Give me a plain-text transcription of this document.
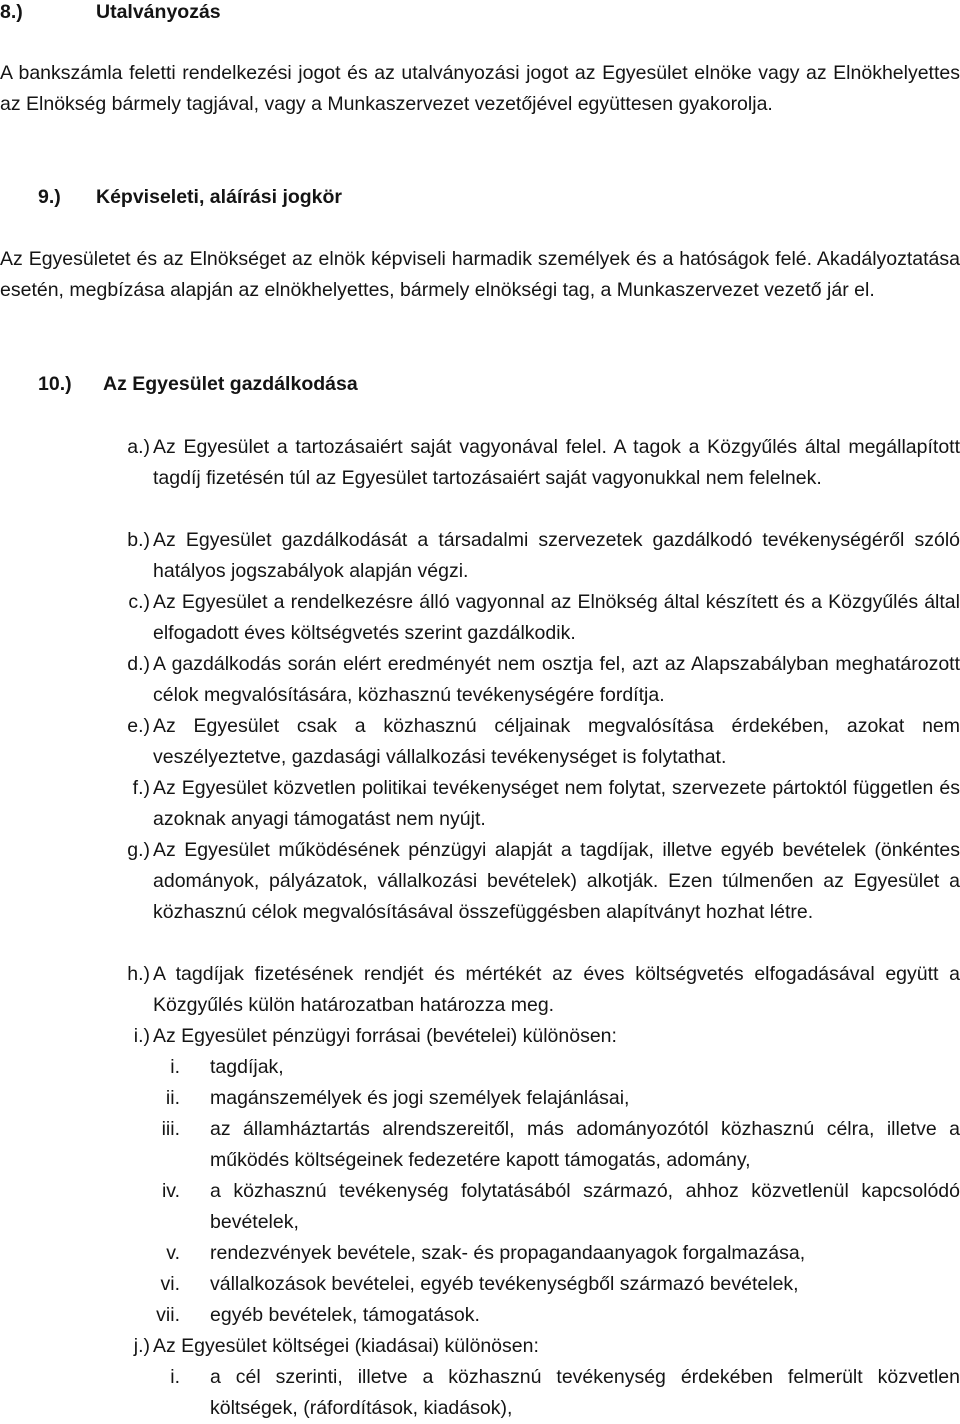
8.)	Utalványozás
A bankszámla feletti rendelkezési jogot és az utalványozási jogot az Egyesület elnöke vagy az Elnökhelyettes az Elnökség bármely tagjával, vagy a Munkaszervezet vezetőjével együttesen gyakorolja.
9.) Képviseleti, aláírási jogkör
Az Egyesületet és az Elnökséget az elnök képviseli harmadik személyek és a hatóságok felé. Akadályoztatása esetén, megbízása alapján az elnökhelyettes, bármely elnökségi tag, a Munkaszervezet vezető jár el.
10.) Az Egyesület gazdálkodása
a.) Az Egyesület a tartozásaiért saját vagyonával felel. A tagok a Közgyűlés által megállapított tagdíj fizetésén túl az Egyesület tartozásaiért saját vagyonukkal nem felelnek.
b.) Az Egyesület gazdálkodását a társadalmi szervezetek gazdálkodó tevékenységéről szóló hatályos jogszabályok alapján végzi.
c.) Az Egyesület a rendelkezésre álló vagyonnal az Elnökség által készített és a Közgyűlés által elfogadott éves költségvetés szerint gazdálkodik.
d.) A gazdálkodás során elért eredményét nem osztja fel, azt az Alapszabályban meghatározott célok megvalósítására, közhasznú tevékenységére fordítja.
e.) Az Egyesület csak a közhasznú céljainak megvalósítása érdekében, azokat nem veszélyeztetve, gazdasági vállalkozási tevékenységet is folytathat.
f.) Az Egyesület közvetlen politikai tevékenységet nem folytat, szervezete pártoktól független és azoknak anyagi támogatást nem nyújt.
g.) Az Egyesület működésének pénzügyi alapját a tagdíjak, illetve egyéb bevételek (önkéntes adományok, pályázatok, vállalkozási bevételek) alkotják. Ezen túlmenően az Egyesület a közhasznú célok megvalósításával összefüggésben alapítványt hozhat létre.
h.) A tagdíjak fizetésének rendjét és mértékét az éves költségvetés elfogadásával együtt a Közgyűlés külön határozatban határozza meg.
i.) Az Egyesület pénzügyi forrásai (bevételei) különösen:
i. tagdíjak,
ii. magánszemélyek és jogi személyek felajánlásai,
iii. az államháztartás alrendszereitől, más adományozótól közhasznú célra, illetve a működés költségeinek fedezetére kapott támogatás, adomány,
iv. a közhasznú tevékenység folytatásából származó, ahhoz közvetlenül kapcsolódó bevételek,
v. rendezvények bevétele, szak- és propagandaanyagok forgalmazása,
vi. vállalkozások bevételei, egyéb tevékenységből származó bevételek,
vii. egyéb bevételek, támogatások.
j.) Az Egyesület költségei (kiadásai) különösen:
i. a cél szerinti, illetve a közhasznú tevékenység érdekében felmerült közvetlen költségek, (ráfordítások, kiadások),
